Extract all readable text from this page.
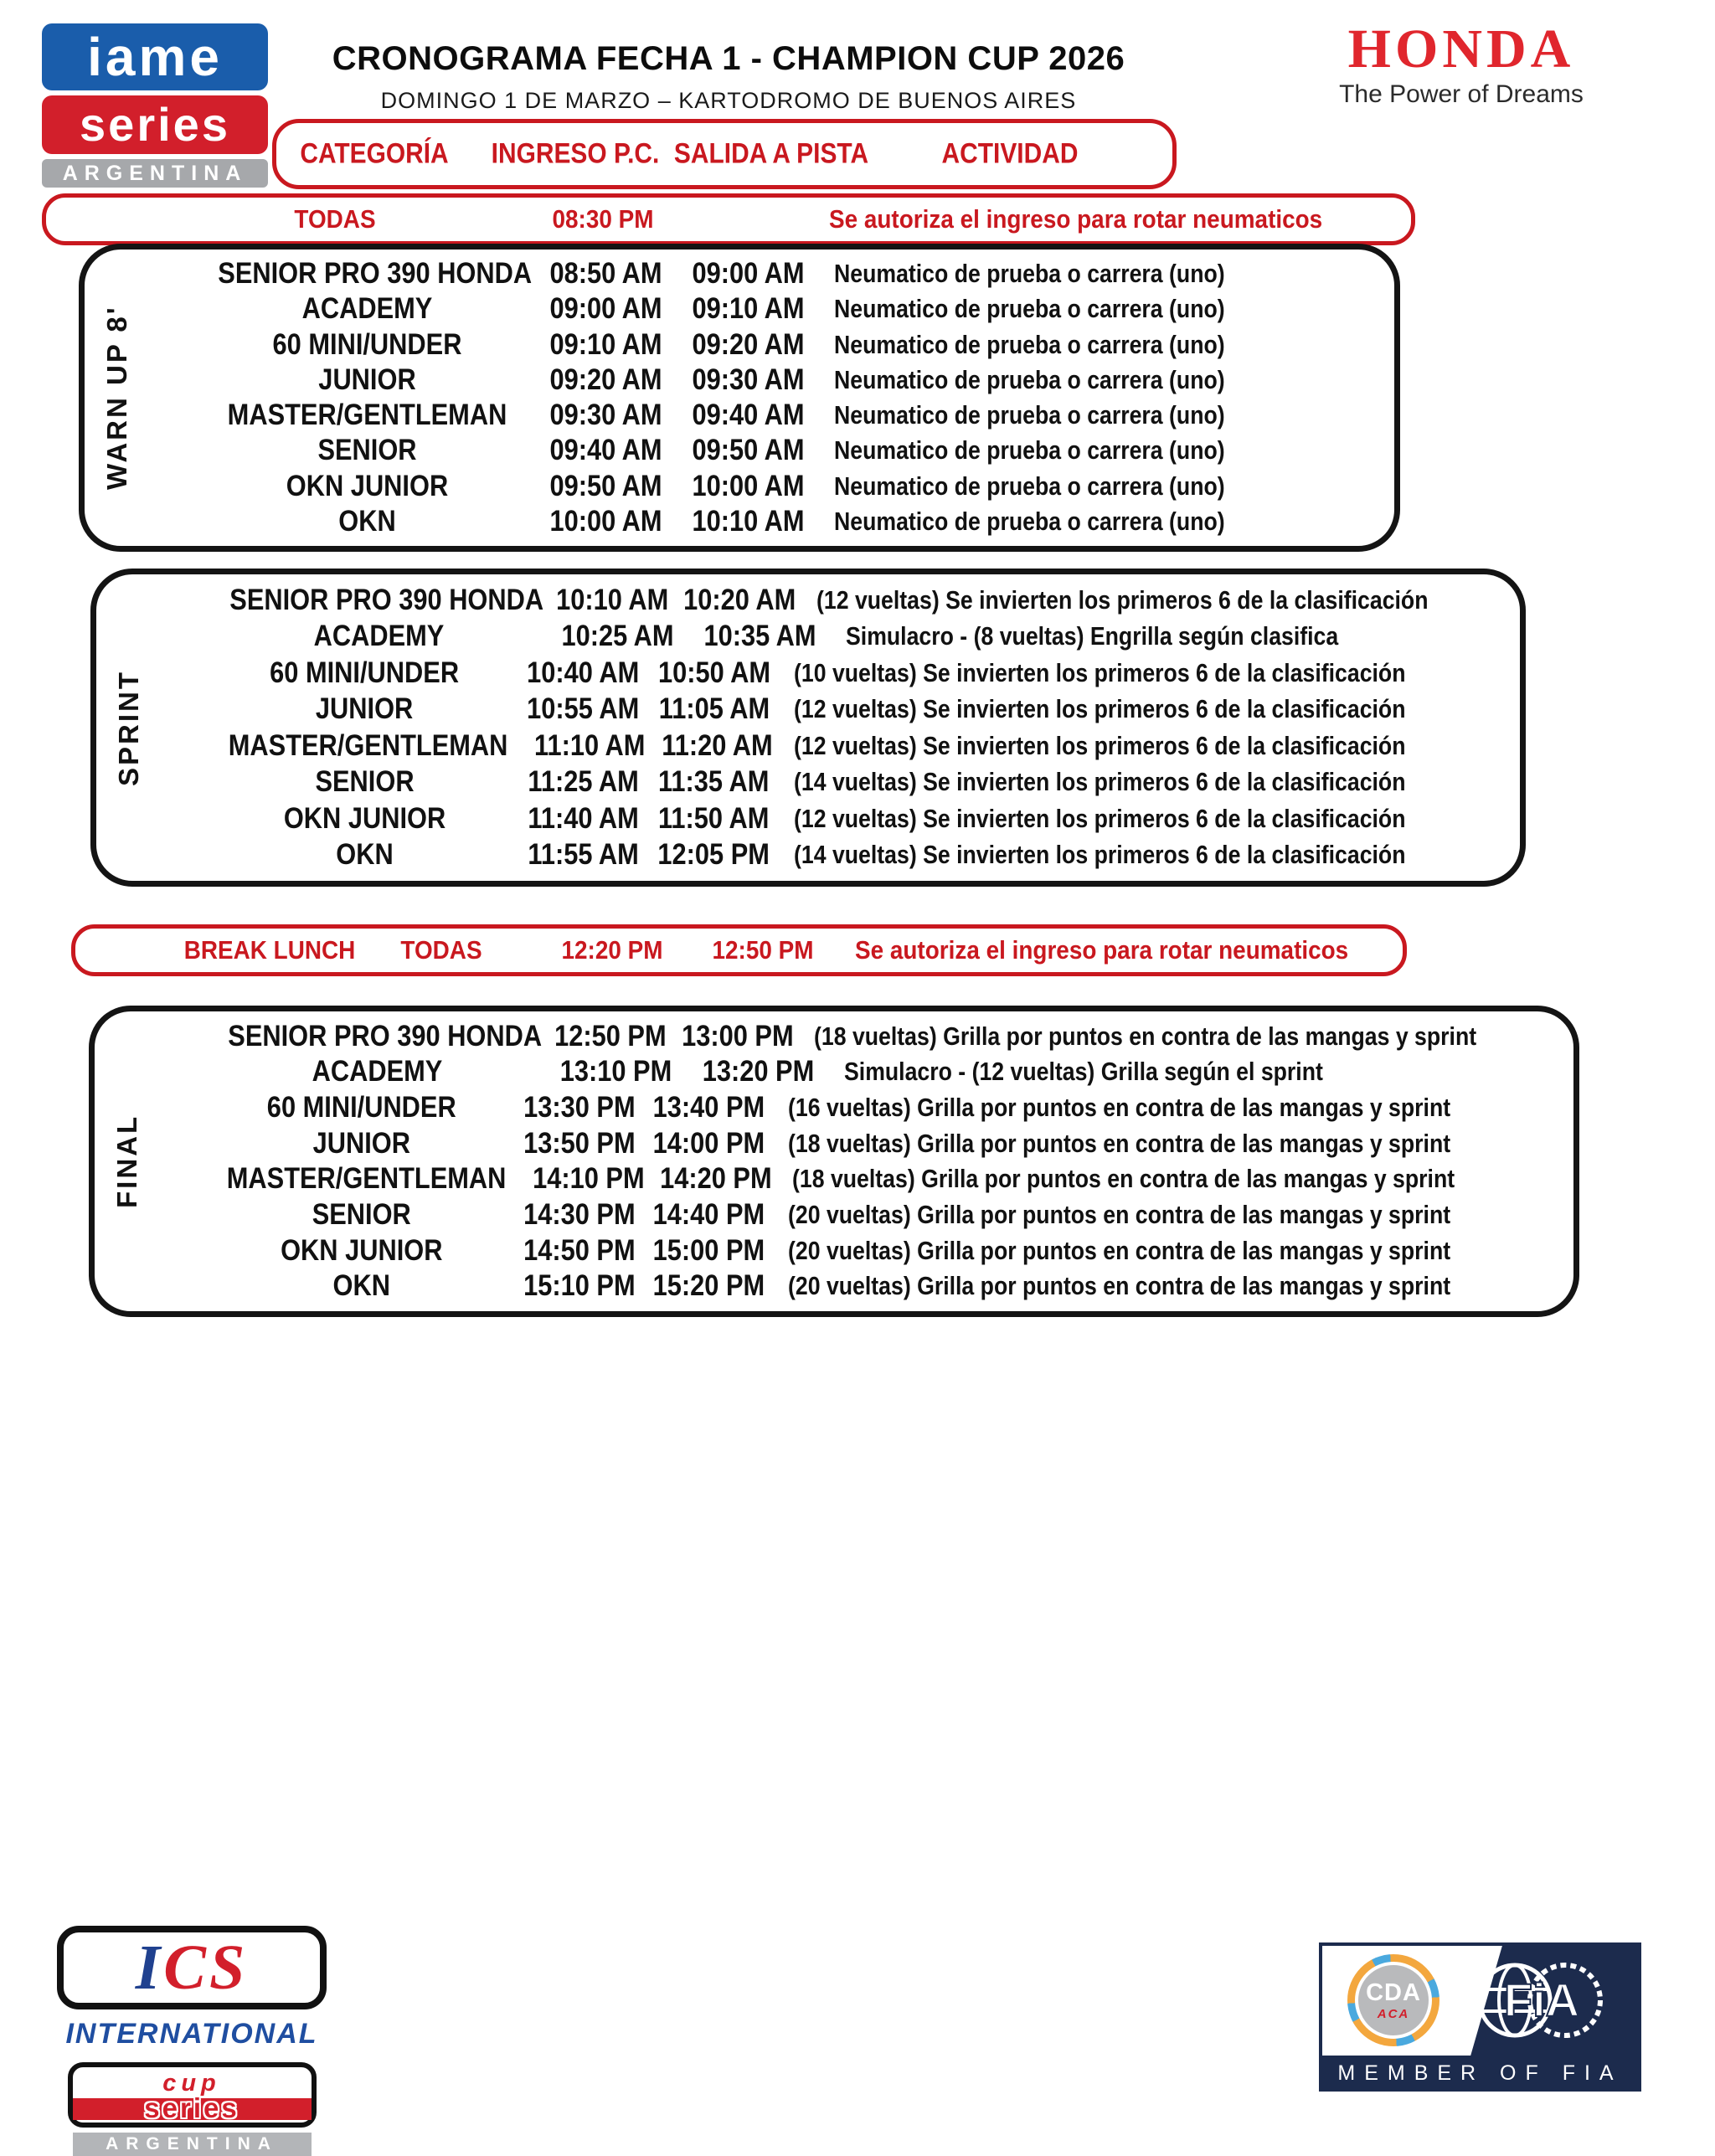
iame
series
ARGENTINA
CRONOGRAMA FECHA 1 - CHAMPION CUP 2026
DOMINGO 1 DE MARZO – KARTODROMO DE BUENOS AIRES
HONDA
The Power of Dreams
CATEGORÍA INGRESO P.C. SALIDA A PISTA	ACTIVIDAD
TODAS	08:30 PM	Se autoriza el ingreso para rotar neumaticos
WARN UP 8'
SENIOR PRO 390 HONDA 08:50 AM 09:00 AM	Neumatico de prueba o carrera (uno)
ACADEMY	09:00 AM 09:10 AM	Neumatico de prueba o carrera (uno)
60 MINI/UNDER	09:10 AM 09:20 AM	Neumatico de prueba o carrera (uno)
JUNIOR	09:20 AM 09:30 AM	Neumatico de prueba o carrera (uno)
MASTER/GENTLEMAN	09:30 AM 09:40 AM	Neumatico de prueba o carrera (uno)
SENIOR	09:40 AM 09:50 AM	Neumatico de prueba o carrera (uno)
OKN JUNIOR	09:50 AM 10:00 AM	Neumatico de prueba o carrera (uno)
OKN	10:00 AM 10:10 AM	Neumatico de prueba o carrera (uno)
SPRINT
SENIOR PRO 390 HONDA 10:10 AM 10:20 AM (12 vueltas) Se invierten los primeros 6 de la clasificación
ACADEMY	10:25 AM 10:35 AM	Simulacro - (8 vueltas) Engrilla según clasifica
60 MINI/UNDER	10:40 AM 10:50 AM (10 vueltas) Se invierten los primeros 6 de la clasificación
JUNIOR	10:55 AM 11:05 AM (12 vueltas) Se invierten los primeros 6 de la clasificación
MASTER/GENTLEMAN 11:10 AM 11:20 AM (12 vueltas) Se invierten los primeros 6 de la clasificación
SENIOR	11:25 AM 11:35 AM (14 vueltas) Se invierten los primeros 6 de la clasificación
OKN JUNIOR	11:40 AM 11:50 AM (12 vueltas) Se invierten los primeros 6 de la clasificación
OKN	11:55 AM 12:05 PM (14 vueltas) Se invierten los primeros 6 de la clasificación
BREAK LUNCH TODAS	12:20 PM 12:50 PM Se autoriza el ingreso para rotar neumaticos
FINAL
SENIOR PRO 390 HONDA 12:50 PM 13:00 PM (18 vueltas) Grilla por puntos en contra de las mangas y sprint
ACADEMY	13:10 PM 13:20 PM	Simulacro - (12 vueltas) Grilla según el sprint
60 MINI/UNDER	13:30 PM 13:40 PM (16 vueltas) Grilla por puntos en contra de las mangas y sprint
JUNIOR	13:50 PM 14:00 PM (18 vueltas) Grilla por puntos en contra de las mangas y sprint
MASTER/GENTLEMAN 14:10 PM 14:20 PM (18 vueltas) Grilla por puntos en contra de las mangas y sprint
SENIOR	14:30 PM 14:40 PM (20 vueltas) Grilla por puntos en contra de las mangas y sprint
OKN JUNIOR	14:50 PM 15:00 PM (20 vueltas) Grilla por puntos en contra de las mangas y sprint
OKN	15:10 PM 15:20 PM (20 vueltas) Grilla por puntos en contra de las mangas y sprint
I CS
INTERNATIONAL
cup
series
ARGENTINA
CDA
ACA FiA
MEMBER OF FIA
